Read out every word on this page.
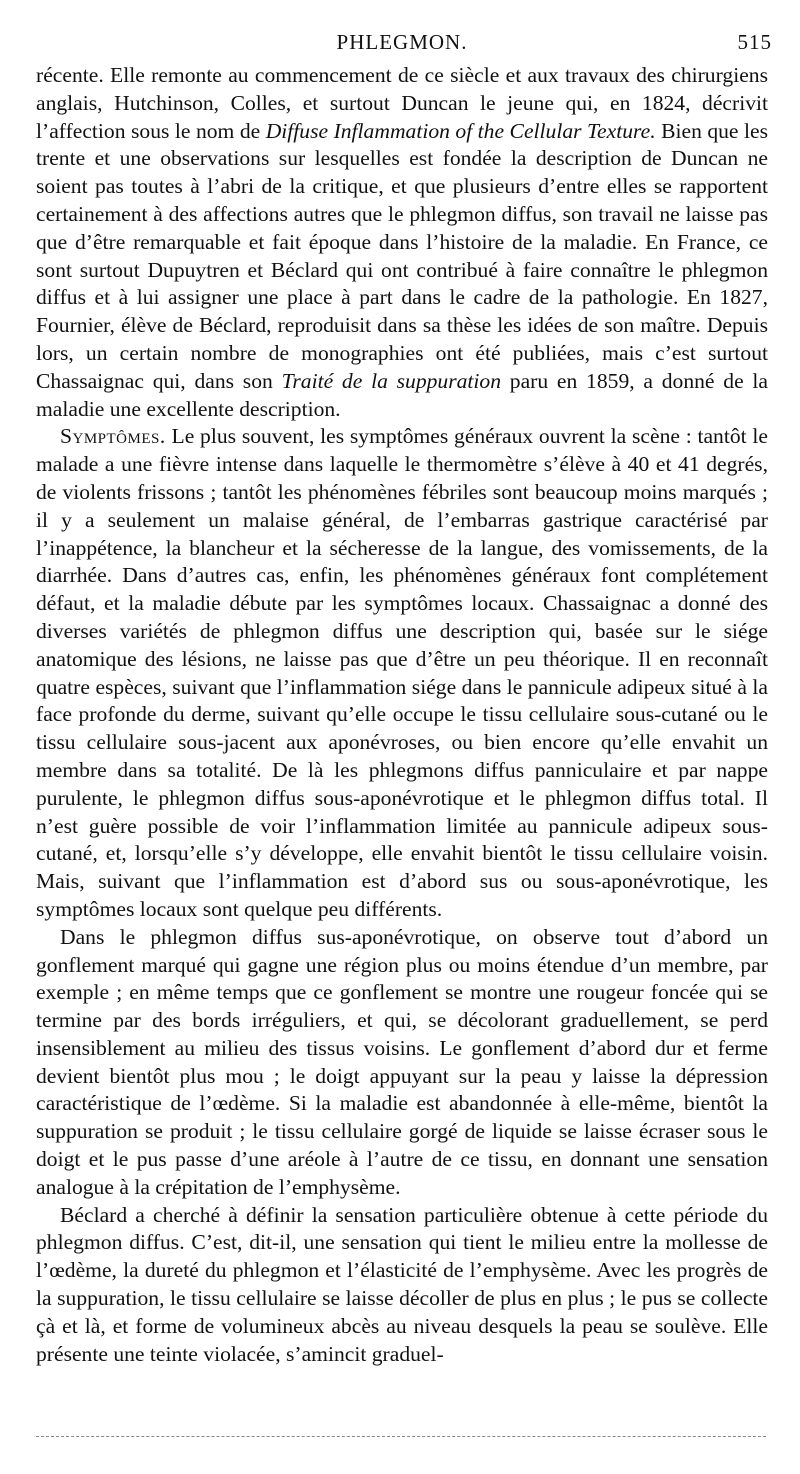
PHLEGMON.	515

récente. Elle remonte au commencement de ce siècle et aux travaux des chirurgiens anglais, Hutchinson, Colles, et surtout Duncan le jeune qui, en 1824, décrivit l’affection sous le nom de Diffuse Inflammation of the Cellular Texture. Bien que les trente et une observations sur lesquelles est fondée la description de Duncan ne soient pas toutes à l’abri de la critique, et que plusieurs d’entre elles se rapportent certainement à des affections autres que le phlegmon diffus, son travail ne laisse pas que d’être remarquable et fait époque dans l’histoire de la maladie. En France, ce sont surtout Dupuytren et Béclard qui ont contribué à faire connaître le phlegmon diffus et à lui assigner une place à part dans le cadre de la pathologie. En 1827, Fournier, élève de Béclard, reproduisit dans sa thèse les idées de son maître. Depuis lors, un certain nombre de monographies ont été publiées, mais c’est surtout Chassaignac qui, dans son Traité de la suppuration paru en 1859, a donné de la maladie une excellente description.

Symptômes. Le plus souvent, les symptômes généraux ouvrent la scène : tantôt le malade a une fièvre intense dans laquelle le thermomètre s’élève à 40 et 41 degrés, de violents frissons ; tantôt les phénomènes fébriles sont beaucoup moins marqués ; il y a seulement un malaise général, de l’embarras gastrique caractérisé par l’inappétence, la blancheur et la sécheresse de la langue, des vomissements, de la diarrhée. Dans d’autres cas, enfin, les phénomènes généraux font complétement défaut, et la maladie débute par les symptômes locaux. Chassaignac a donné des diverses variétés de phlegmon diffus une description qui, basée sur le siége anatomique des lésions, ne laisse pas que d’être un peu théorique. Il en reconnaît quatre espèces, suivant que l’inflammation siége dans le pannicule adipeux situé à la face profonde du derme, suivant qu’elle occupe le tissu cellulaire sous-cutané ou le tissu cellulaire sous-jacent aux aponévroses, ou bien encore qu’elle envahit un membre dans sa totalité. De là les phlegmons diffus panniculaire et par nappe purulente, le phlegmon diffus sous-aponévrotique et le phlegmon diffus total. Il n’est guère possible de voir l’inflammation limitée au pannicule adipeux sous-cutané, et, lorsqu’elle s’y développe, elle envahit bientôt le tissu cellulaire voisin. Mais, suivant que l’inflammation est d’abord sus ou sous-aponévrotique, les symptômes locaux sont quelque peu différents.

Dans le phlegmon diffus sus-aponévrotique, on observe tout d’abord un gonflement marqué qui gagne une région plus ou moins étendue d’un membre, par exemple ; en même temps que ce gonflement se montre une rougeur foncée qui se termine par des bords irréguliers, et qui, se décolorant graduellement, se perd insensiblement au milieu des tissus voisins. Le gonflement d’abord dur et ferme devient bientôt plus mou ; le doigt appuyant sur la peau y laisse la dépression caractéristique de l’œdème. Si la maladie est abandonnée à elle-même, bientôt la suppuration se produit ; le tissu cellulaire gorgé de liquide se laisse écraser sous le doigt et le pus passe d’une aréole à l’autre de ce tissu, en donnant une sensation analogue à la crépitation de l’emphysème.

Béclard a cherché à définir la sensation particulière obtenue à cette période du phlegmon diffus. C’est, dit-il, une sensation qui tient le milieu entre la mollesse de l’œdème, la dureté du phlegmon et l’élasticité de l’emphysème. Avec les progrès de la suppuration, le tissu cellulaire se laisse décoller de plus en plus ; le pus se collecte çà et là, et forme de volumineux abcès au niveau desquels la peau se soulève. Elle présente une teinte violacée, s’amincit graduel-
